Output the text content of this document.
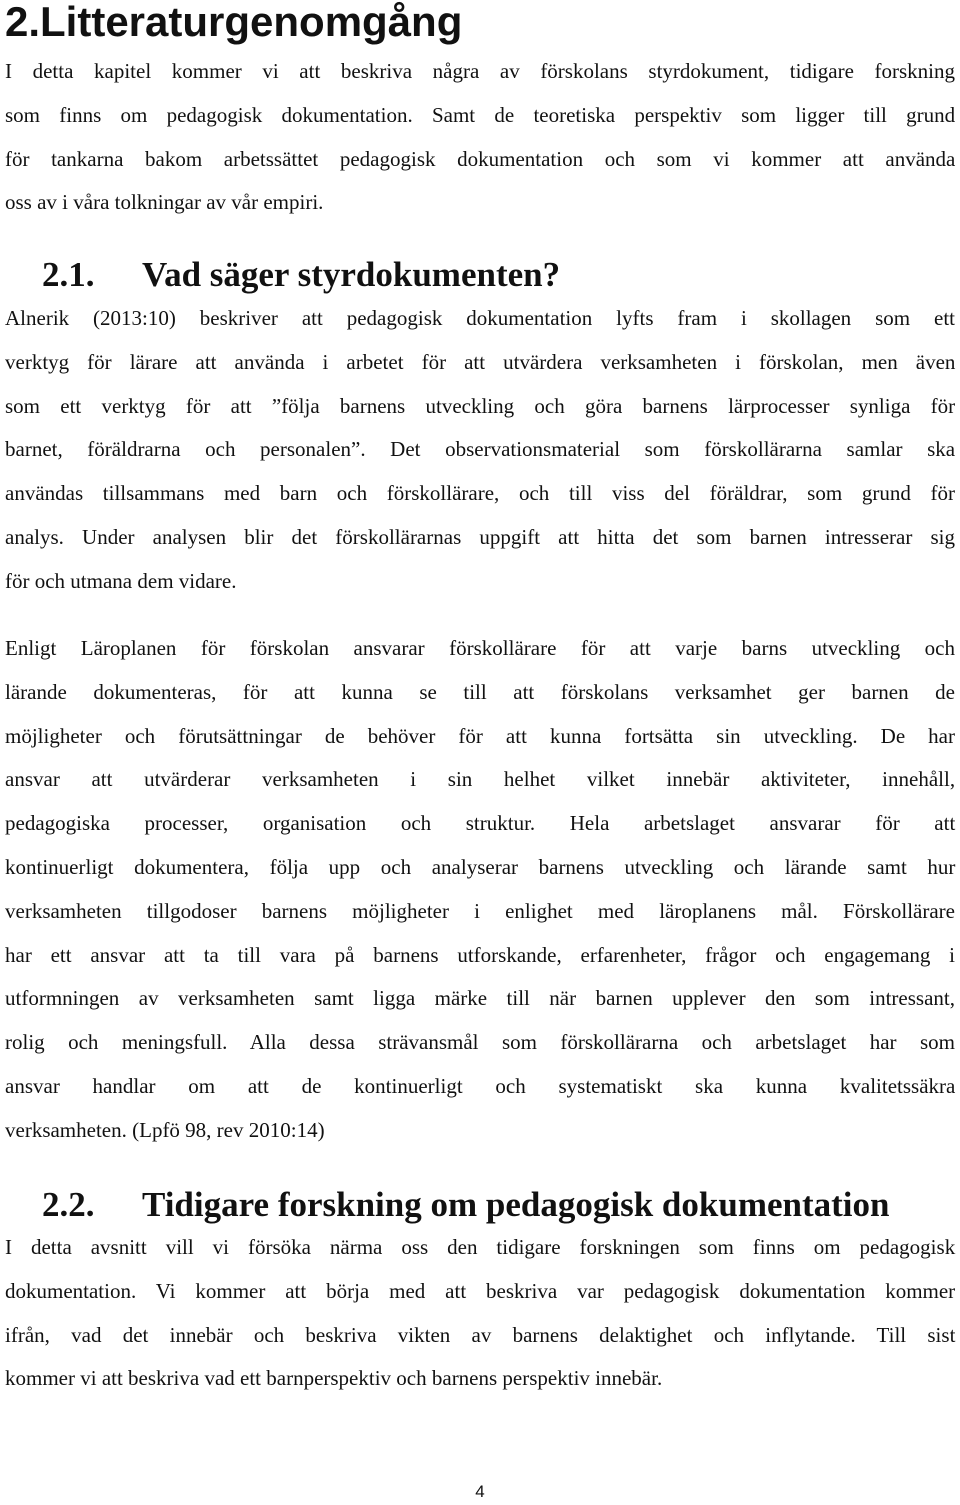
2.Litteraturgenomgång
I detta kapitel kommer vi att beskriva några av förskolans styrdokument, tidigare forskning
som finns om pedagogisk dokumentation. Samt de teoretiska perspektiv som ligger till grund
för tankarna bakom arbetssättet pedagogisk dokumentation och som vi kommer att använda
oss av i våra tolkningar av vår empiri.
2.1. Vad säger styrdokumenten?
Alnerik (2013:10) beskriver att pedagogisk dokumentation lyfts fram i skollagen som ett
verktyg för lärare att använda i arbetet för att utvärdera verksamheten i förskolan, men även
som ett verktyg för att ”följa barnens utveckling och göra barnens lärprocesser synliga för
barnet, föräldrarna och personalen”. Det observationsmaterial som förskollärarna samlar ska
användas tillsammans med barn och förskollärare, och till viss del föräldrar, som grund för
analys. Under analysen blir det förskollärarnas uppgift att hitta det som barnen intresserar sig
för och utmana dem vidare.
Enligt Läroplanen för förskolan ansvarar förskollärare för att varje barns utveckling och
lärande dokumenteras, för att kunna se till att förskolans verksamhet ger barnen de
möjligheter och förutsättningar de behöver för att kunna fortsätta sin utveckling. De har
ansvar att utvärderar verksamheten i sin helhet vilket innebär aktiviteter, innehåll,
pedagogiska processer, organisation och struktur. Hela arbetslaget ansvarar för att
kontinuerligt dokumentera, följa upp och analyserar barnens utveckling och lärande samt hur
verksamheten tillgodoser barnens möjligheter i enlighet med läroplanens mål. Förskollärare
har ett ansvar att ta till vara på barnens utforskande, erfarenheter, frågor och engagemang i
utformningen av verksamheten samt ligga märke till när barnen upplever den som intressant,
rolig och meningsfull. Alla dessa strävansmål som förskollärarna och arbetslaget har som
ansvar handlar om att de kontinuerligt och systematiskt ska kunna kvalitetssäkra
verksamheten. (Lpfö 98, rev 2010:14)
2.2. Tidigare forskning om pedagogisk dokumentation
I detta avsnitt vill vi försöka närma oss den tidigare forskningen som finns om pedagogisk
dokumentation. Vi kommer att börja med att beskriva var pedagogisk dokumentation kommer
ifrån, vad det innebär och beskriva vikten av barnens delaktighet och inflytande. Till sist
kommer vi att beskriva vad ett barnperspektiv och barnens perspektiv innebär.
4
